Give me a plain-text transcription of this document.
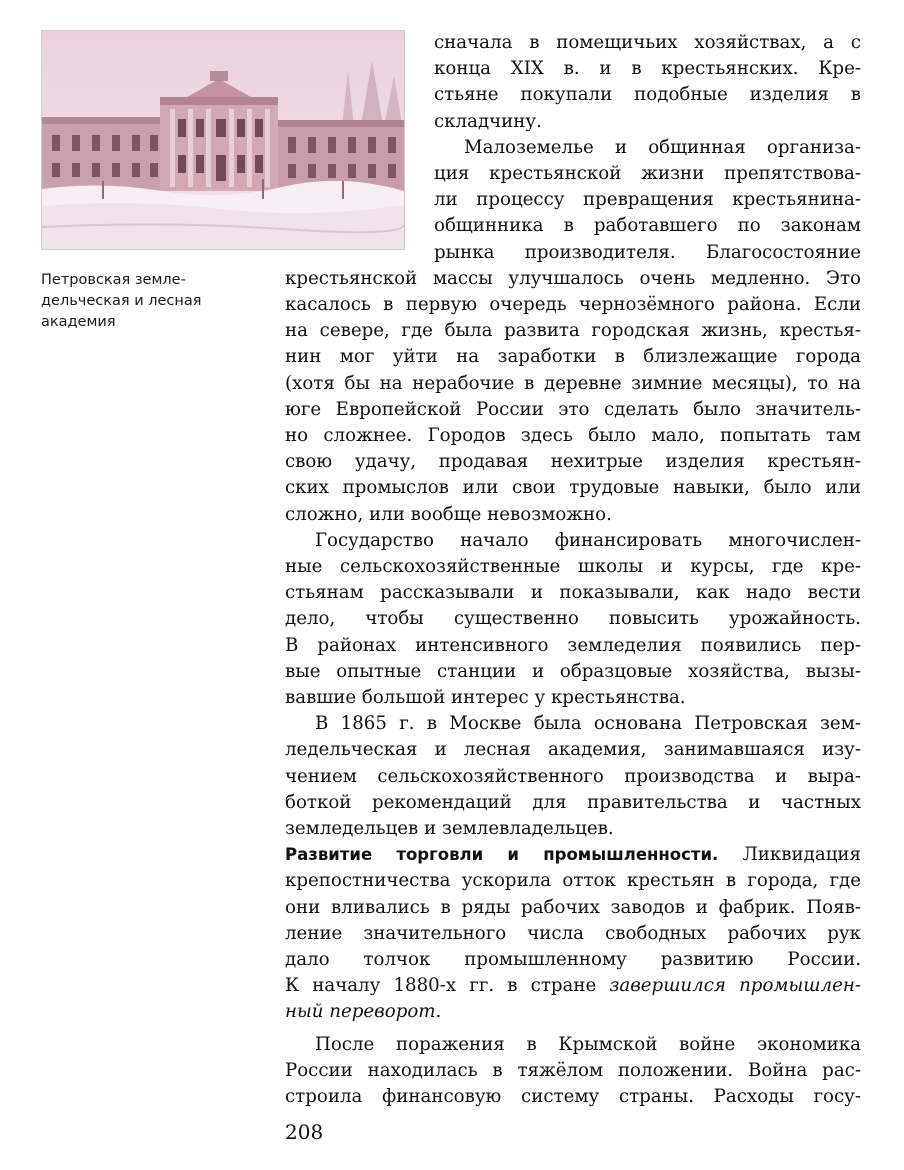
Петровская земле-
дельческая и лесная
академия
сначала в помещичьих хозяйствах, а с
конца XIX в. и в крестьянских. Кре-
стьяне покупали подобные изделия в
складчину.
Малоземелье и общинная организа-
ция крестьянской жизни препятствова-
ли процессу превращения крестьянина-
общинника в работавшего по законам
рынка производителя. Благосостояние
крестьянской массы улучшалось очень медленно. Это
касалось в первую очередь чернозёмного района. Если
на севере, где была развита городская жизнь, крестья-
нин мог уйти на заработки в близлежащие города
(хотя бы на нерабочие в деревне зимние месяцы), то на
юге Европейской России это сделать было значитель-
но сложнее. Городов здесь было мало, попытать там
свою удачу, продавая нехитрые изделия крестьян-
ских промыслов или свои трудовые навыки, было или
сложно, или вообще невозможно.
Государство начало финансировать многочислен-
ные сельскохозяйственные школы и курсы, где кре-
стьянам рассказывали и показывали, как надо вести
дело, чтобы существенно повысить урожайность.
В районах интенсивного земледелия появились пер-
вые опытные станции и образцовые хозяйства, вызы-
вавшие большой интерес у крестьянства.
В 1865 г. в Москве была основана Петровская зем-
ледельческая и лесная академия, занимавшаяся изу-
чением сельскохозяйственного производства и выра-
боткой рекомендаций для правительства и частных
земледельцев и землевладельцев.
Развитие торговли и промышленности. Ликвидация
крепостничества ускорила отток крестьян в города, где
они вливались в ряды рабочих заводов и фабрик. Появ-
ление значительного числа свободных рабочих рук
дало толчок промышленному развитию России.
К началу 1880-х гг. в стране завершился промышлен-
ный переворот.
После поражения в Крымской войне экономика
России находилась в тяжёлом положении. Война рас-
строила финансовую систему страны. Расходы госу-
208
